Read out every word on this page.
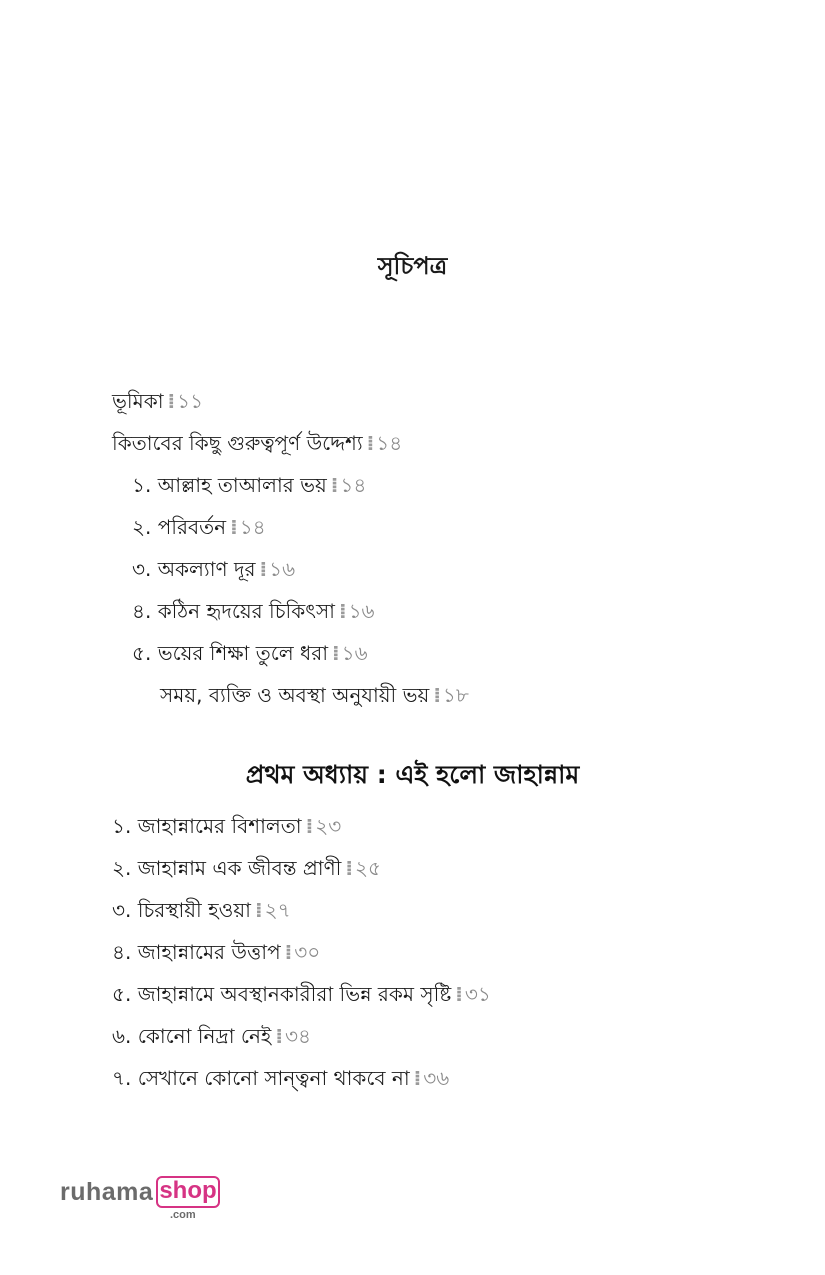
সূচিপত্র
ভূমিকা ⁞ ১১
কিতাবের কিছু গুরুত্বপূর্ণ উদ্দেশ্য ⁞ ১৪
১. আল্লাহ তাআলার ভয় ⁞ ১৪
২. পরিবর্তন ⁞ ১৪
৩. অকল্যাণ দূর ⁞ ১৬
৪. কঠিন হৃদয়ের চিকিৎসা ⁞ ১৬
৫. ভয়ের শিক্ষা তুলে ধরা ⁞ ১৬
সময়, ব্যক্তি ও অবস্থা অনুযায়ী ভয় ⁞ ১৮
প্রথম অধ্যায় : এই হলো জাহান্নাম
১. জাহান্নামের বিশালতা ⁞ ২৩
২. জাহান্নাম এক জীবন্ত প্রাণী ⁞ ২৫
৩. চিরস্থায়ী হওয়া ⁞ ২৭
৪. জাহান্নামের উত্তাপ ⁞ ৩০
৫. জাহান্নামে অবস্থানকারীরা ভিন্ন রকম সৃষ্টি ⁞ ৩১
৬. কোনো নিদ্রা নেই ⁞ ৩৪
৭. সেখানে কোনো সান্ত্বনা থাকবে না ⁞ ৩৬
ruhama shop
.com
